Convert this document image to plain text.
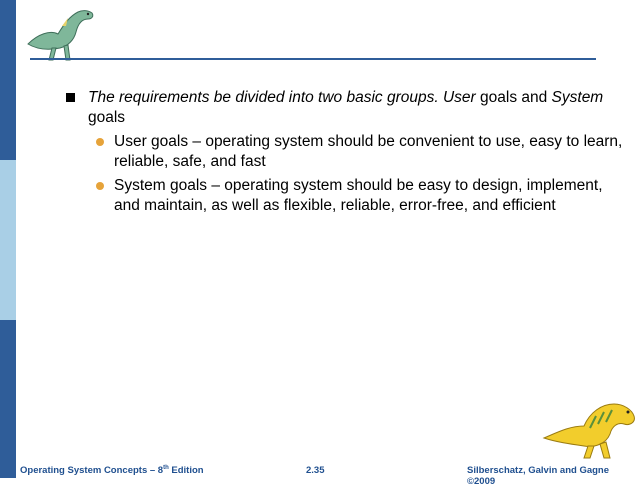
The requirements be divided into two basic groups. User goals and System goals
User goals – operating system should be convenient to use, easy to learn, reliable, safe, and fast
System goals – operating system should be easy to design, implement, and maintain, as well as flexible, reliable, error-free, and efficient
Operating System Concepts – 8th Edition	2.35	Silberschatz, Galvin and Gagne ©2009
